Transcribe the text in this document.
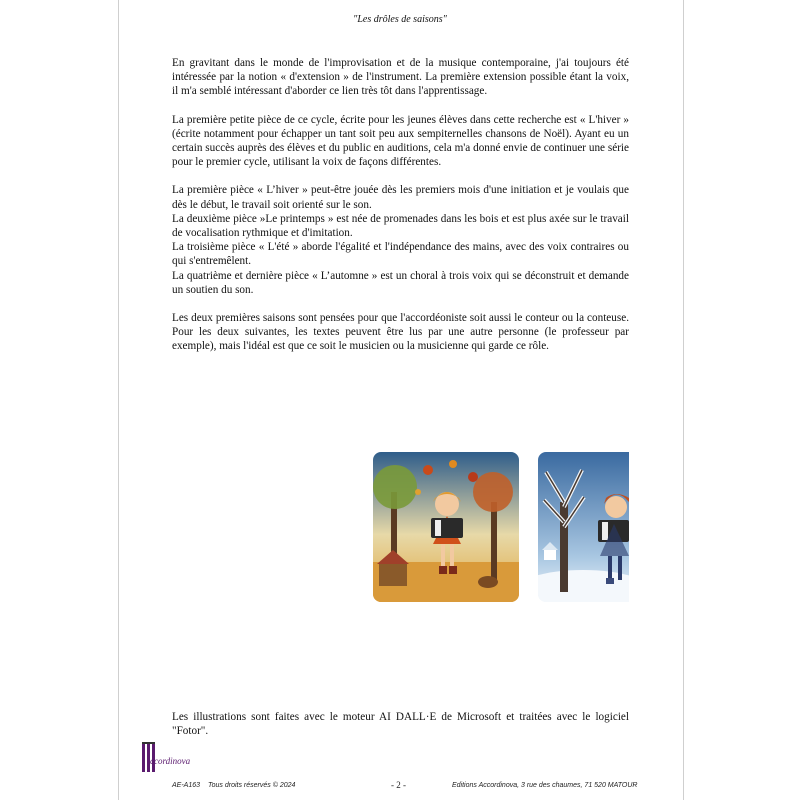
"Les drôles de saisons"

En gravitant dans le monde de l'improvisation et de la musique contemporaine, j'ai toujours été intéressée par la notion « d'extension » de l'instrument. La première extension possible étant la voix, il m'a semblé intéressant d'aborder ce lien très tôt dans l'apprentissage.

La première petite pièce de ce cycle, écrite pour les jeunes élèves dans cette recherche est « L'hiver » (écrite notamment pour échapper un tant soit peu aux sempiternelles chansons de Noël). Ayant eu un certain succès auprès des élèves et du public en auditions, cela m'a donné envie de continuer une série pour le premier cycle, utilisant la voix de façons différentes.

La première pièce « L’hiver » peut-être jouée dès les premiers mois d'une initiation et je voulais que dès le début, le travail soit orienté sur le son.

La deuxième pièce »Le printemps » est née de promenades dans les bois et est plus axée sur le travail de vocalisation rythmique et d'imitation.

La troisième pièce « L'été » aborde l'égalité et l'indépendance des mains, avec des voix contraires ou qui s'entremêlent.

La quatrième et dernière pièce « L’automne » est un choral à trois voix qui se déconstruit et demande un soutien du son.

Les deux premières saisons sont pensées pour que l'accordéoniste soit aussi le conteur ou la conteuse. Pour les deux suivantes, les textes peuvent être lus par une autre personne (le professeur par exemple), mais l'idéal est que ce soit le musicien ou la musicienne qui garde ce rôle.

Les illustrations sont faites avec le moteur AI DALL·E de Microsoft et traitées avec le logiciel "Fotor".
ccordinova
AE-A163 Tous droits réservés © 2024	- 2 -	Editions Accordinova, 3 rue des chaumes, 71 520 MATOUR
